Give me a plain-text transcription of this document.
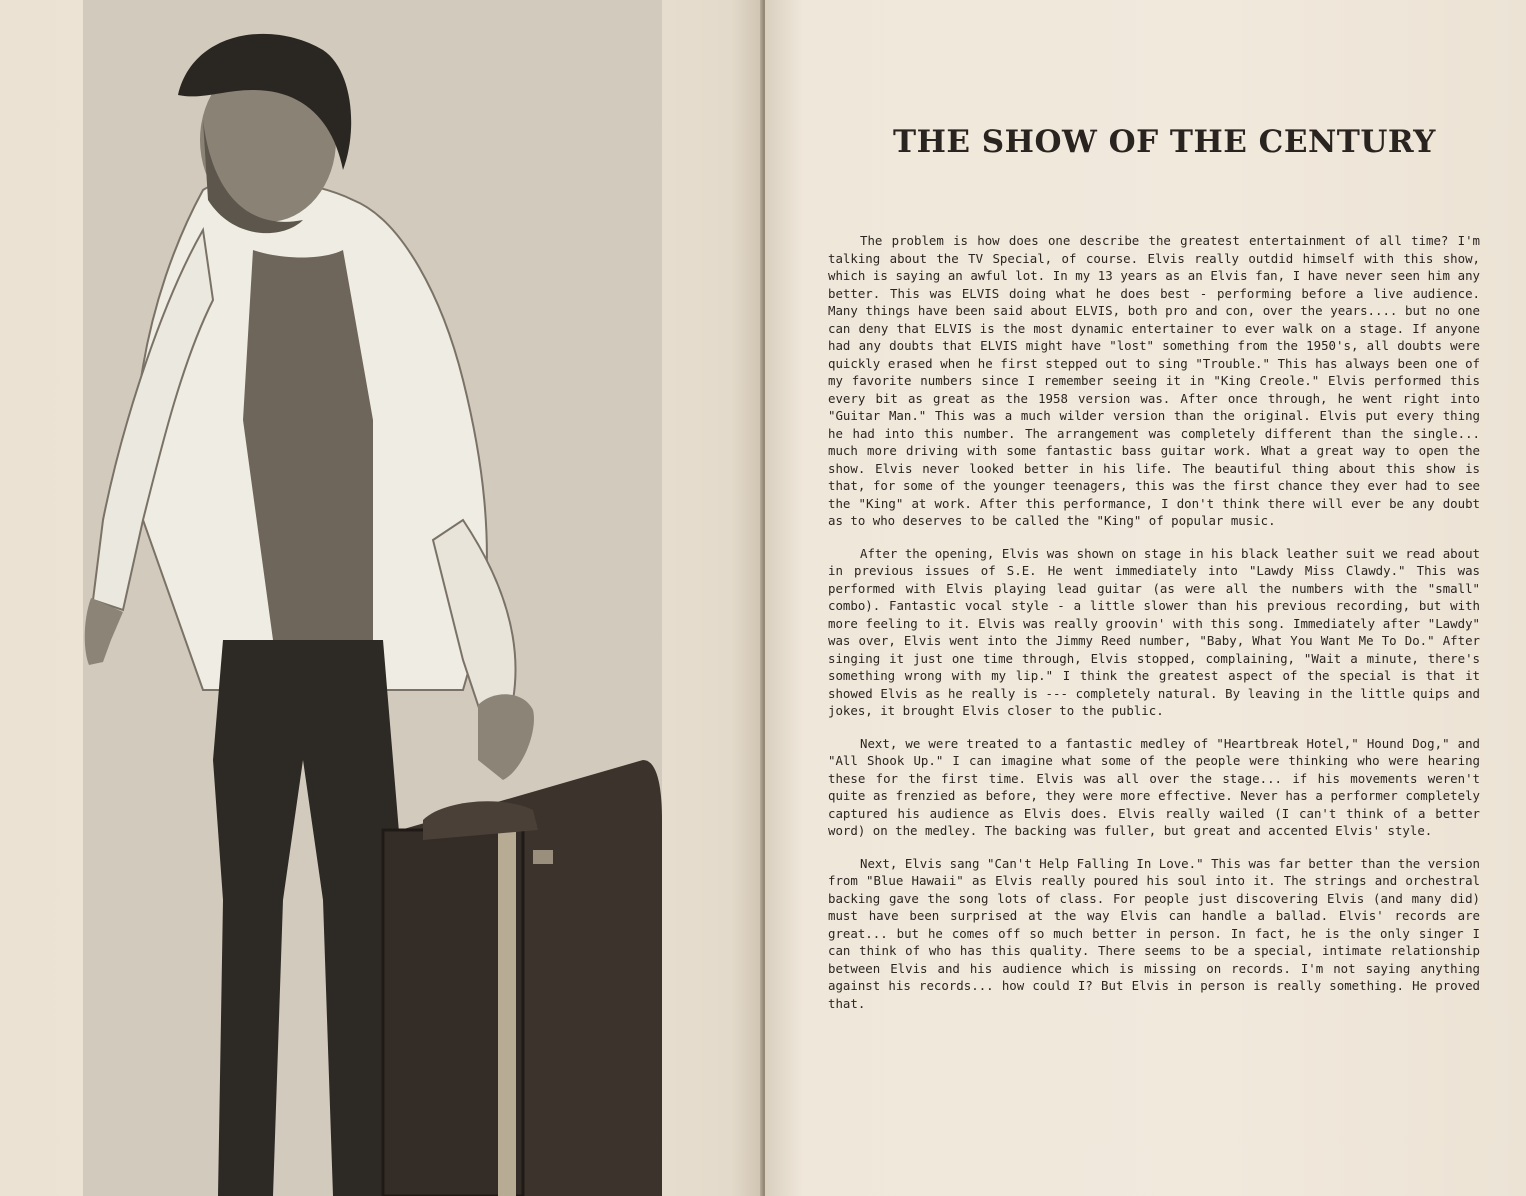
THE SHOW OF THE CENTURY

The problem is how does one describe the greatest entertainment of all time? I'm talking about the TV Special, of course. Elvis really outdid himself with this show, which is saying an awful lot. In my 13 years as an Elvis fan, I have never seen him any better. This was ELVIS doing what he does best - performing before a live audience. Many things have been said about ELVIS, both pro and con, over the years.... but no one can deny that ELVIS is the most dynamic entertainer to ever walk on a stage. If anyone had any doubts that ELVIS might have "lost" something from the 1950's, all doubts were quickly erased when he first stepped out to sing "Trouble." This has always been one of my favorite numbers since I remember seeing it in "King Creole." Elvis performed this every bit as great as the 1958 version was. After once through, he went right into "Guitar Man." This was a much wilder version than the original. Elvis put every thing he had into this number. The arrangement was completely different than the single... much more driving with some fantastic bass guitar work. What a great way to open the show. Elvis never looked better in his life. The beautiful thing about this show is that, for some of the younger teenagers, this was the first chance they ever had to see the "King" at work. After this performance, I don't think there will ever be any doubt as to who deserves to be called the "King" of popular music.

After the opening, Elvis was shown on stage in his black leather suit we read about in previous issues of S.E. He went immediately into "Lawdy Miss Clawdy." This was performed with Elvis playing lead guitar (as were all the numbers with the "small" combo). Fantastic vocal style - a little slower than his previous recording, but with more feeling to it. Elvis was really groovin' with this song. Immediately after "Lawdy" was over, Elvis went into the Jimmy Reed number, "Baby, What You Want Me To Do." After singing it just one time through, Elvis stopped, complaining, "Wait a minute, there's something wrong with my lip." I think the greatest aspect of the special is that it showed Elvis as he really is --- completely natural. By leaving in the little quips and jokes, it brought Elvis closer to the public.

Next, we were treated to a fantastic medley of "Heartbreak Hotel," Hound Dog," and "All Shook Up." I can imagine what some of the people were thinking who were hearing these for the first time. Elvis was all over the stage... if his movements weren't quite as frenzied as before, they were more effective. Never has a performer completely captured his audience as Elvis does. Elvis really wailed (I can't think of a better word) on the medley. The backing was fuller, but great and accented Elvis' style.

Next, Elvis sang "Can't Help Falling In Love." This was far better than the version from "Blue Hawaii" as Elvis really poured his soul into it. The strings and orchestral backing gave the song lots of class. For people just discovering Elvis (and many did) must have been surprised at the way Elvis can handle a ballad. Elvis' records are great... but he comes off so much better in person. In fact, he is the only singer I can think of who has this quality. There seems to be a special, intimate relationship between Elvis and his audience which is missing on records. I'm not saying anything against his records... how could I? But Elvis in person is really something. He proved that.
